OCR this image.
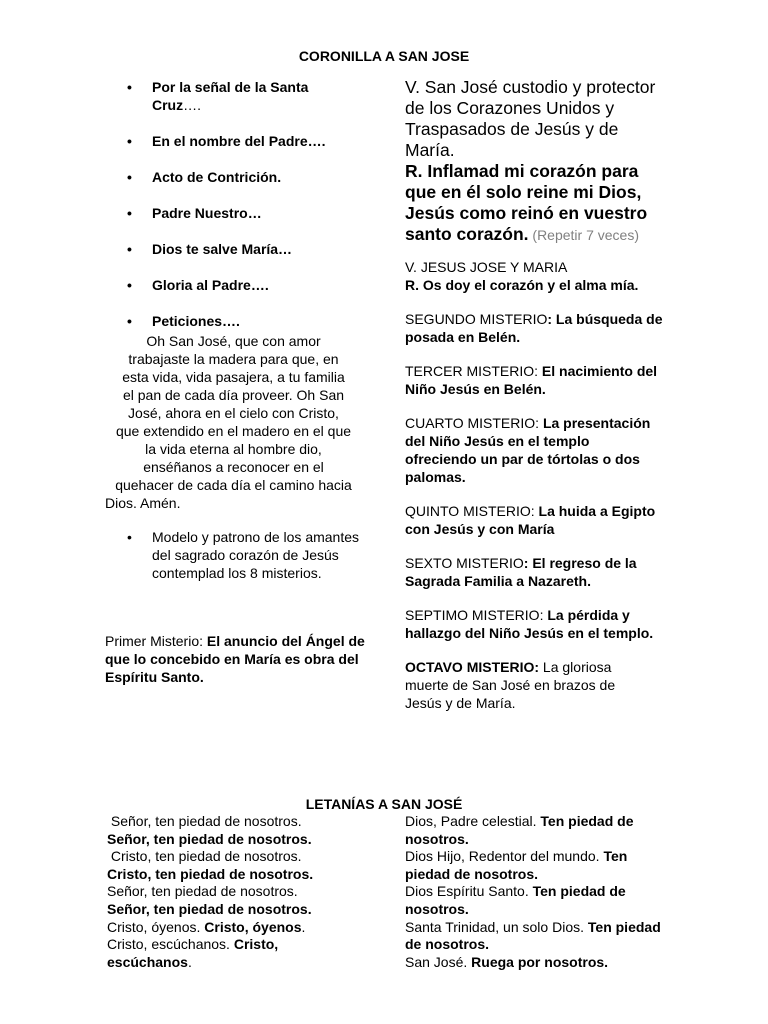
CORONILLA A SAN JOSE
• Por la señal de la Santa Cruz….
• En el nombre del Padre….
• Acto de Contrición.
• Padre Nuestro…
• Dios te salve María…
• Gloria al Padre….
• Peticiones….
Oh San José, que con amor
trabajaste la madera para que, en
esta vida, vida pasajera, a tu familia
el pan de cada día proveer. Oh San
José, ahora en el cielo con Cristo,
que extendido en el madero en el que
la vida eterna al hombre dio,
enséñanos a reconocer en el
quehacer de cada día el camino hacia
Dios. Amén.
• Modelo y patrono de los amantes del sagrado corazón de Jesús contemplad los 8 misterios.
Primer Misterio: El anuncio del Ángel de que lo concebido en María es obra del Espíritu Santo.
V. San José custodio y protector de los Corazones Unidos y Traspasados de Jesús y de María.
R. Inflamad mi corazón para que en él solo reine mi Dios, Jesús como reinó en vuestro santo corazón. (Repetir 7 veces)
V. JESUS JOSE Y MARIA
R. Os doy el corazón y el alma mía.
SEGUNDO MISTERIO: La búsqueda de posada en Belén.
TERCER MISTERIO: El nacimiento del Niño Jesús en Belén.
CUARTO MISTERIO: La presentación del Niño Jesús en el templo ofreciendo un par de tórtolas o dos palomas.
QUINTO MISTERIO: La huida a Egipto con Jesús y con María
SEXTO MISTERIO: El regreso de la Sagrada Familia a Nazareth.
SEPTIMO MISTERIO: La pérdida y hallazgo del Niño Jesús en el templo.
OCTAVO MISTERIO: La gloriosa muerte de San José en brazos de Jesús y de María.
LETANÍAS A SAN JOSÉ
Señor, ten piedad de nosotros.
Señor, ten piedad de nosotros.
Cristo, ten piedad de nosotros.
Cristo, ten piedad de nosotros.
Señor, ten piedad de nosotros.
Señor, ten piedad de nosotros.
Cristo, óyenos. Cristo, óyenos.
Cristo, escúchanos. Cristo, escúchanos.
Dios, Padre celestial. Ten piedad de nosotros.
Dios Hijo, Redentor del mundo. Ten piedad de nosotros.
Dios Espíritu Santo. Ten piedad de nosotros.
Santa Trinidad, un solo Dios. Ten piedad de nosotros.
San José. Ruega por nosotros.
